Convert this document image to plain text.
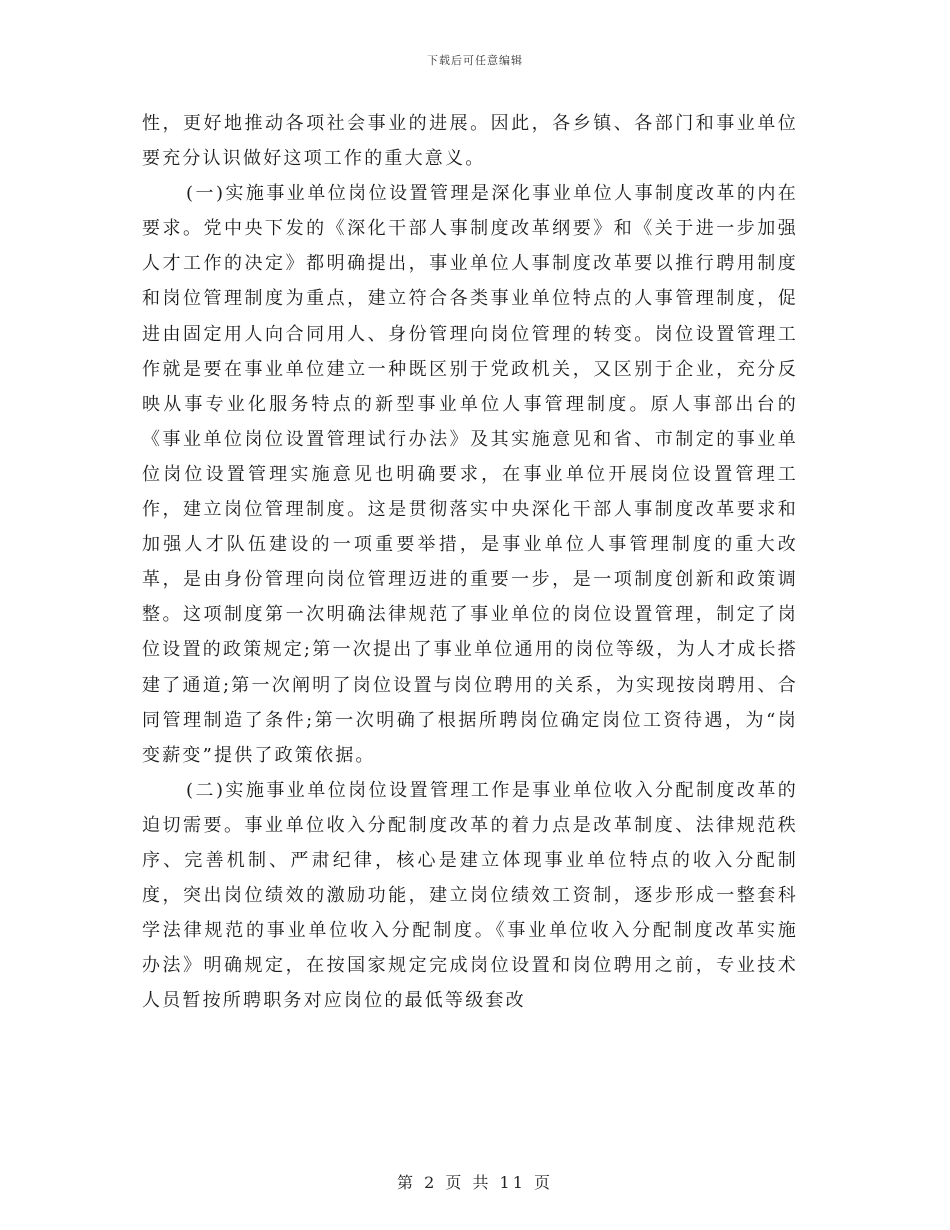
下载后可任意编辑

性，更好地推动各项社会事业的进展。因此，各乡镇、各部门和事业单位要充分认识做好这项工作的重大意义。

(一)实施事业单位岗位设置管理是深化事业单位人事制度改革的内在要求。党中央下发的《深化干部人事制度改革纲要》和《关于进一步加强人才工作的决定》都明确提出，事业单位人事制度改革要以推行聘用制度和岗位管理制度为重点，建立符合各类事业单位特点的人事管理制度，促进由固定用人向合同用人、身份管理向岗位管理的转变。岗位设置管理工作就是要在事业单位建立一种既区别于党政机关，又区别于企业，充分反映从事专业化服务特点的新型事业单位人事管理制度。原人事部出台的《事业单位岗位设置管理试行办法》及其实施意见和省、市制定的事业单位岗位设置管理实施意见也明确要求，在事业单位开展岗位设置管理工作，建立岗位管理制度。这是贯彻落实中央深化干部人事制度改革要求和加强人才队伍建设的一项重要举措，是事业单位人事管理制度的重大改革，是由身份管理向岗位管理迈进的重要一步，是一项制度创新和政策调整。这项制度第一次明确法律规范了事业单位的岗位设置管理，制定了岗位设置的政策规定;第一次提出了事业单位通用的岗位等级，为人才成长搭建了通道;第一次阐明了岗位设置与岗位聘用的关系，为实现按岗聘用、合同管理制造了条件;第一次明确了根据所聘岗位确定岗位工资待遇，为“岗变薪变”提供了政策依据。

(二)实施事业单位岗位设置管理工作是事业单位收入分配制度改革的迫切需要。事业单位收入分配制度改革的着力点是改革制度、法律规范秩序、完善机制、严肃纪律，核心是建立体现事业单位特点的收入分配制度，突出岗位绩效的激励功能，建立岗位绩效工资制，逐步形成一整套科学法律规范的事业单位收入分配制度。《事业单位收入分配制度改革实施办法》明确规定，在按国家规定完成岗位设置和岗位聘用之前，专业技术人员暂按所聘职务对应岗位的最低等级套改

第 2 页 共 11 页
